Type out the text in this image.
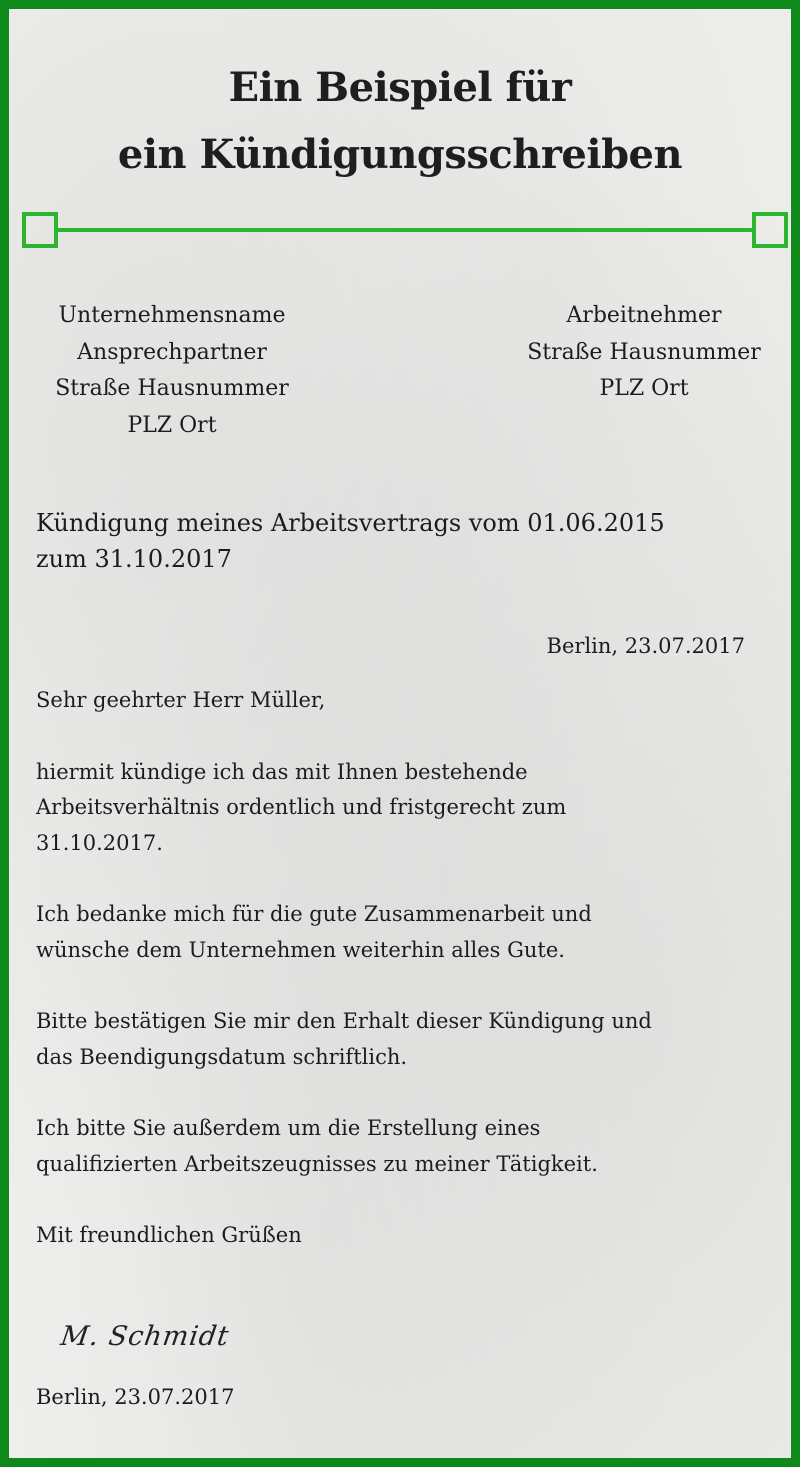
Ein Beispiel für
ein Kündigungsschreiben
Unternehmensname
Ansprechpartner
Straße Hausnummer
PLZ Ort
Arbeitnehmer
Straße Hausnummer
PLZ Ort
Kündigung meines Arbeitsvertrags vom 01.06.2015
zum 31.10.2017
Berlin, 23.07.2017
Sehr geehrter Herr Müller,
hiermit kündige ich das mit Ihnen bestehende
Arbeitsverhältnis ordentlich und fristgerecht zum
31.10.2017.
Ich bedanke mich für die gute Zusammenarbeit und
wünsche dem Unternehmen weiterhin alles Gute.
Bitte bestätigen Sie mir den Erhalt dieser Kündigung und
das Beendigungsdatum schriftlich.
Ich bitte Sie außerdem um die Erstellung eines
qualifizierten Arbeitszeugnisses zu meiner Tätigkeit.
Mit freundlichen Grüßen
M. Schmidt
Berlin, 23.07.2017
